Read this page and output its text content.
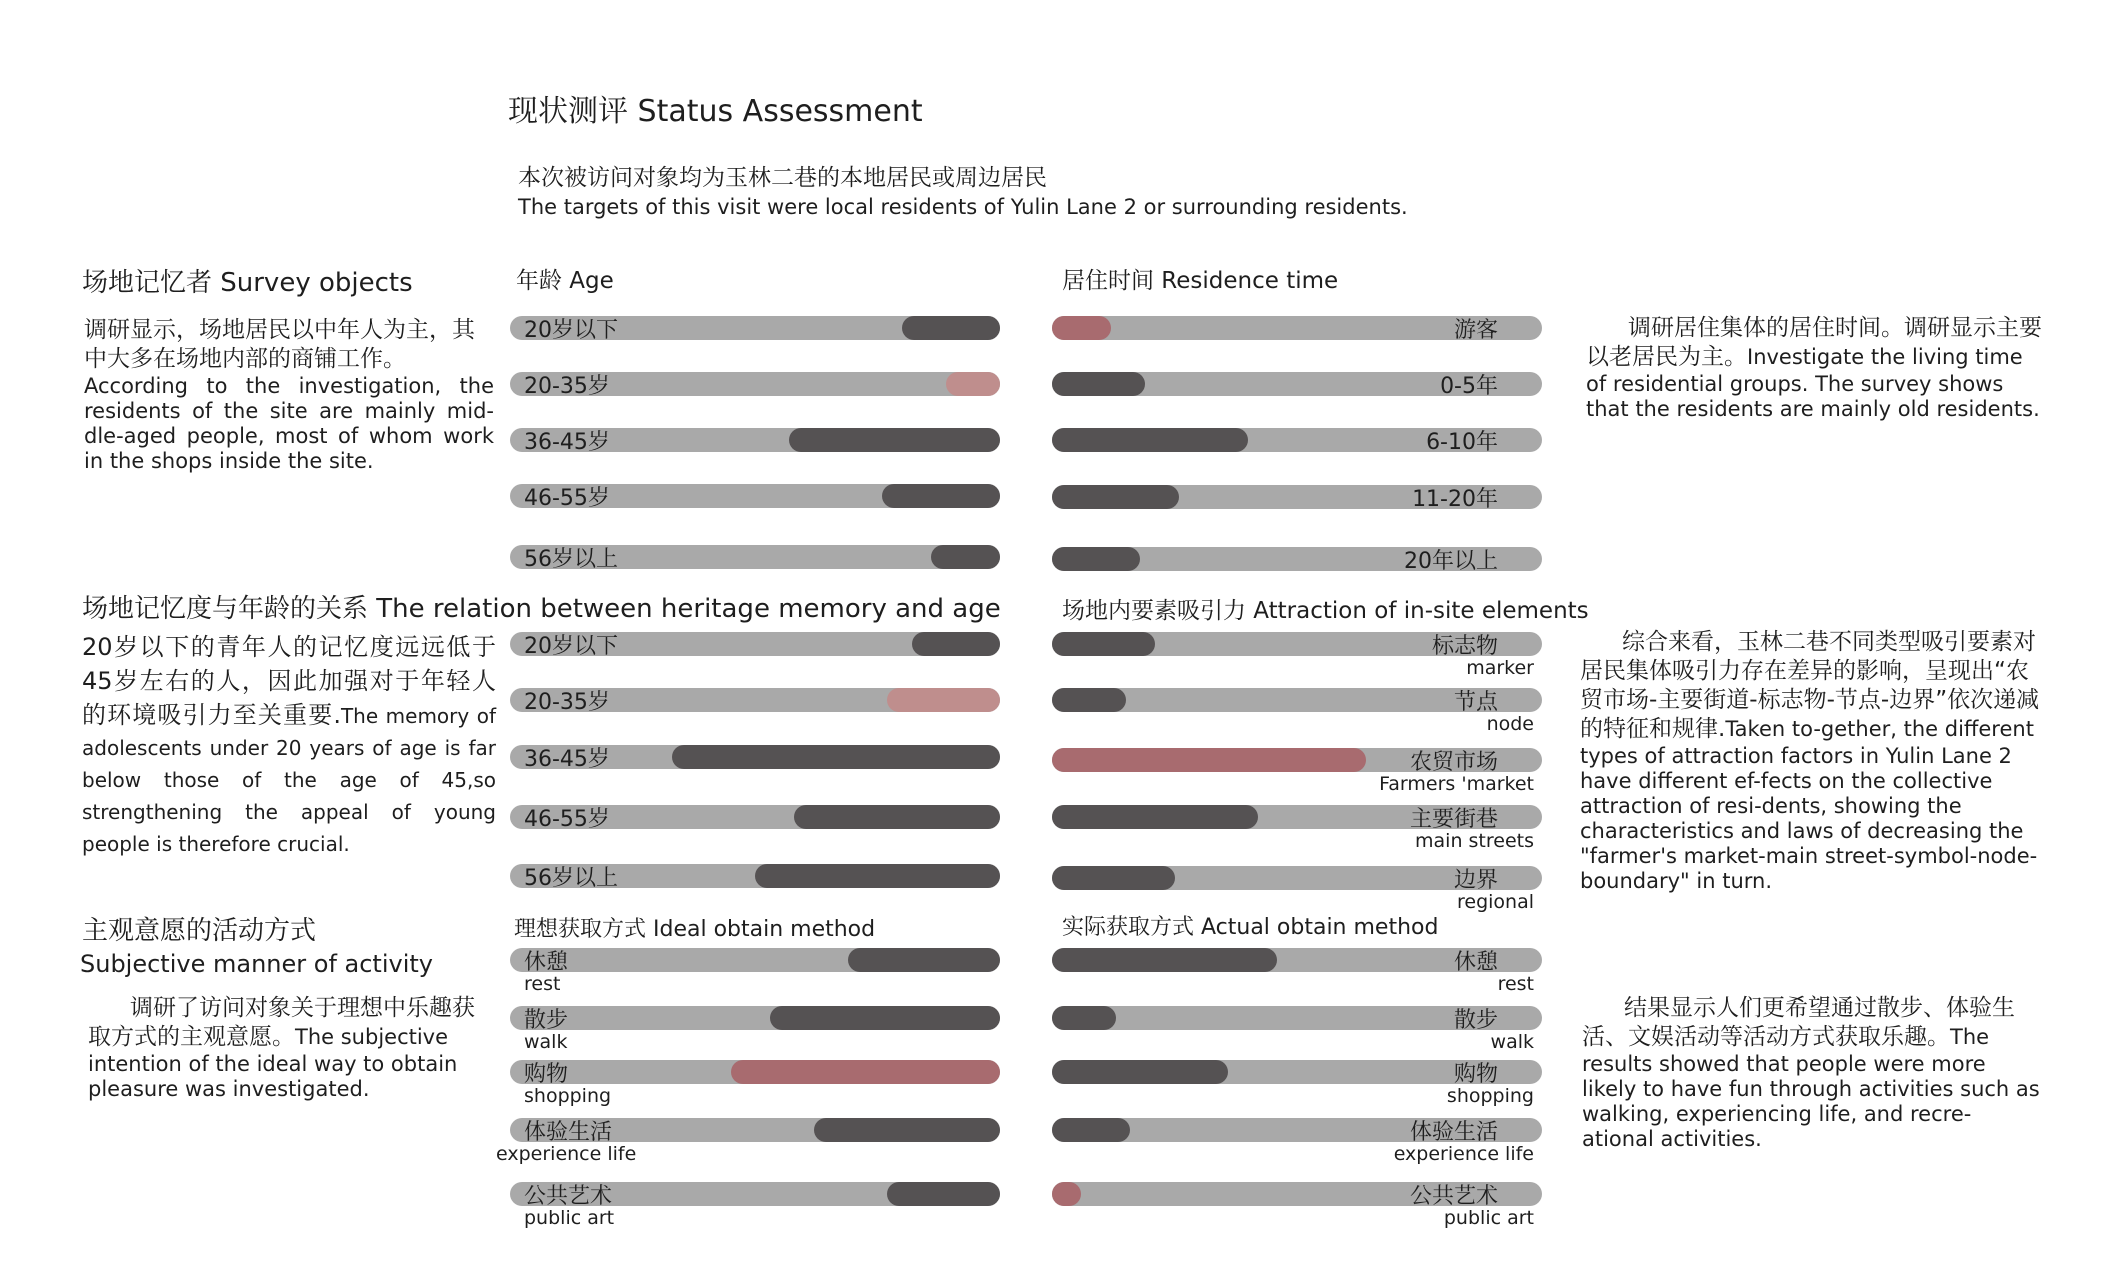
现状测评 Status Assessment
本次被访问对象均为玉林二巷的本地居民或周边居民
The targets of this visit were local residents of Yulin Lane 2 or surrounding residents.
场地记忆者 Survey objects
调研显示，场地居民以中年人为主，其中大多在场地内部的商铺工作。
According to the investigation, the residents of the site are mainly mid-dle-aged people, most of whom work in the shops inside the site.
场地记忆度与年龄的关系 The relation between heritage memory and age
20岁以下的青年人的记忆度远远低于45岁左右的人，因此加强对于年轻人的环境吸引力至关重要.The memory of adolescents under 20 years of age is far below those of the age of 45,so strengthening the appeal of young people is therefore crucial.
主观意愿的活动方式
Subjective manner of activity
调研了访问对象关于理想中乐趣获取方式的主观意愿。The subjective intention of the ideal way to obtain pleasure was investigated.
年龄 Age	居住时间 Residence time
场地内要素吸引力 Attraction of in-site elements
理想获取方式 Ideal obtain method	实际获取方式 Actual obtain method
调研居住集体的居住时间。调研显示主要以老居民为主。Investigate the living time of residential groups. The survey shows that the residents are mainly old residents.
综合来看，玉林二巷不同类型吸引要素对居民集体吸引力存在差异的影响，呈现出“农贸市场-主要街道-标志物-节点-边界”依次递减的特征和规律.Taken to-gether, the different types of attraction factors in Yulin Lane 2 have different ef-fects on the collective attraction of resi-dents, showing the characteristics and laws of decreasing the "farmer's market-main street-symbol-node-boundary" in turn.
结果显示人们更希望通过散步、体验生活、文娱活动等活动方式获取乐趣。The results showed that people were more likely to have fun through activities such as walking, experiencing life, and recre-ational activities.
20岁以下
20-35岁
36-45岁
46-55岁
56岁以上
游客
0-5年
6-10年
11-20年
20年以上
20岁以下
20-35岁
36-45岁
46-55岁
56岁以上
标志物
marker
节点
node
农贸市场
Farmers 'market
主要街巷
main streets
边界
regional
休憩
rest
散步
walk
购物
shopping
体验生活
experience life
公共艺术
public art
休憩
rest
散步
walk
购物
shopping
体验生活
experience life
公共艺术
public art
